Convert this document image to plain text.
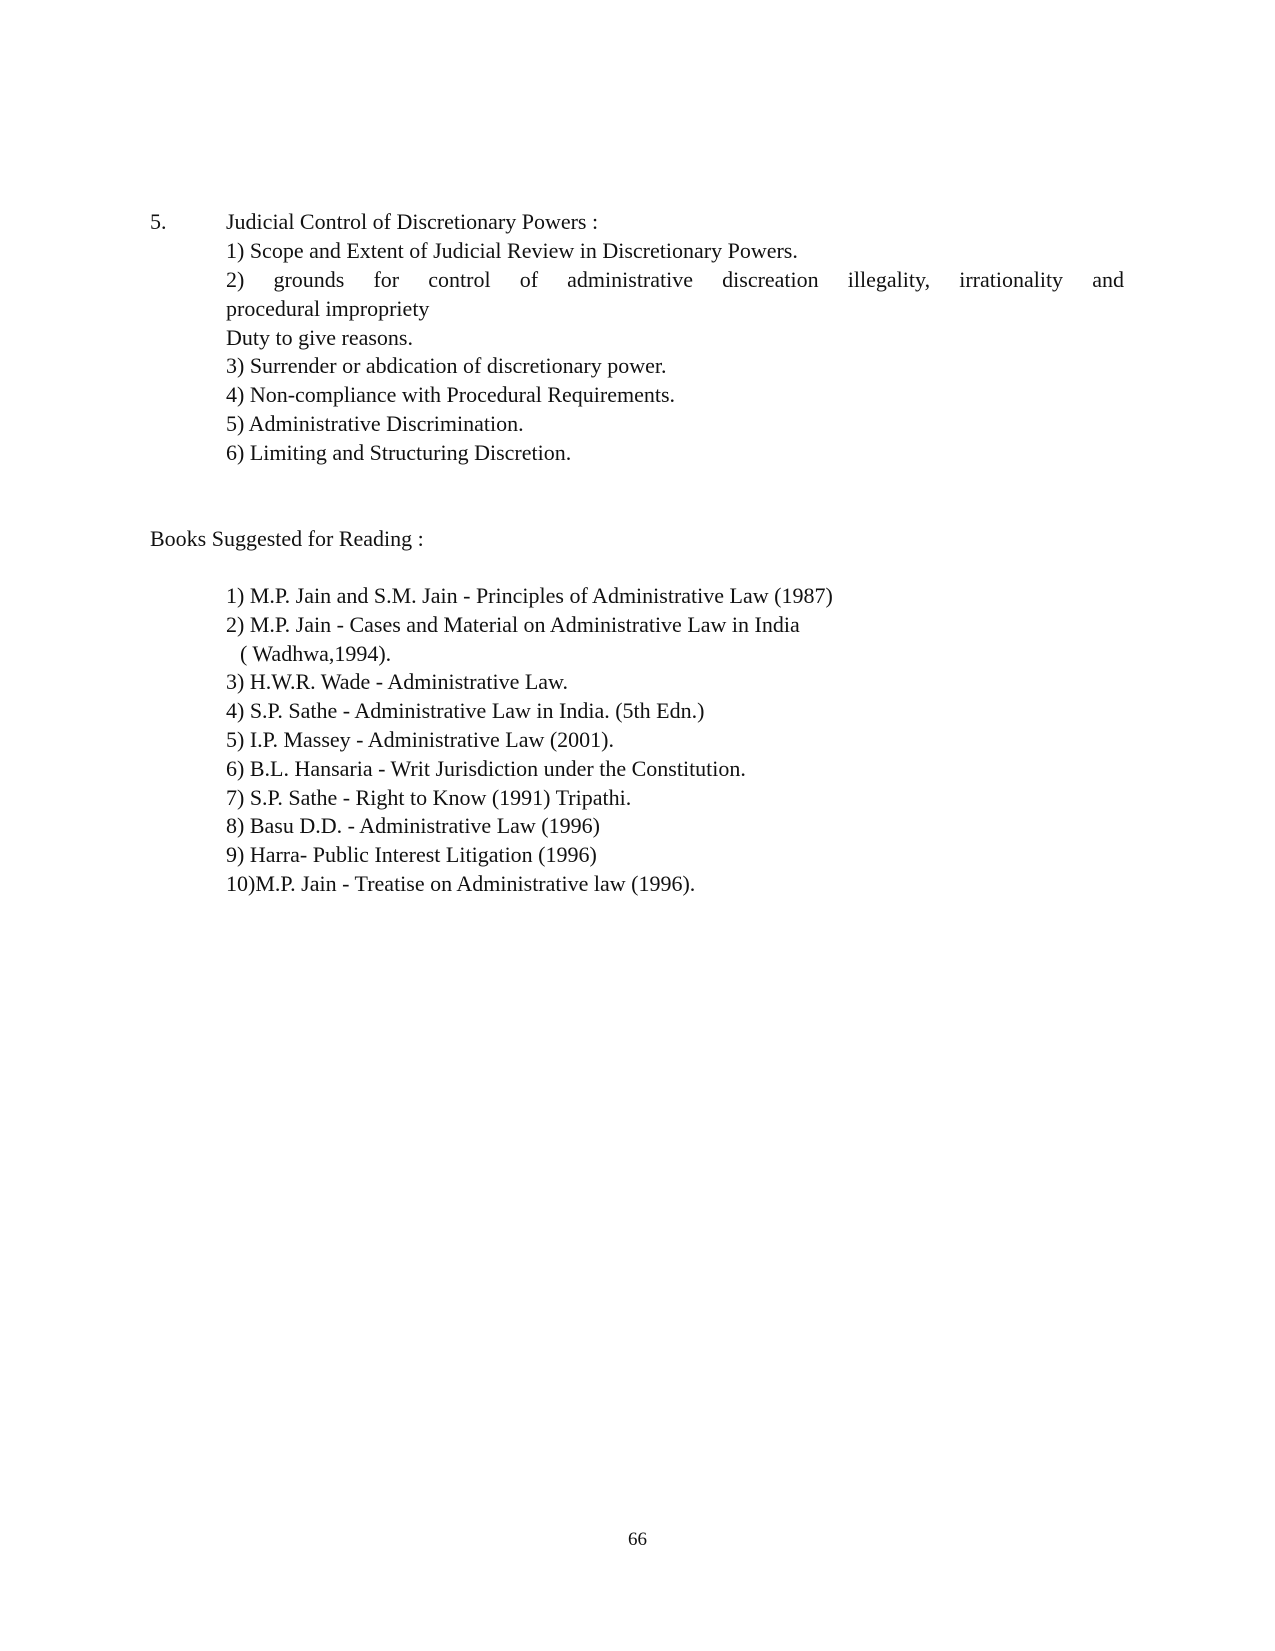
5.	Judicial Control of Discretionary Powers :
1) Scope and Extent of Judicial Review in Discretionary Powers.
2) grounds for control of administrative discreation illegality, irrationality and
procedural impropriety
Duty to give reasons.
3) Surrender or abdication of discretionary power.
4) Non-compliance with Procedural Requirements.
5) Administrative Discrimination.
6) Limiting and Structuring Discretion.
Books Suggested for Reading :
1) M.P. Jain and S.M. Jain - Principles of Administrative Law (1987)
2) M.P. Jain - Cases and Material on Administrative Law in India
( Wadhwa,1994).
3) H.W.R. Wade - Administrative Law.
4) S.P. Sathe - Administrative Law in India. (5th Edn.)
5) I.P. Massey - Administrative Law (2001).
6) B.L. Hansaria - Writ Jurisdiction under the Constitution.
7) S.P. Sathe - Right to Know (1991) Tripathi.
8) Basu D.D. - Administrative Law (1996)
9) Harra- Public Interest Litigation (1996)
10)M.P. Jain - Treatise on Administrative law (1996).
66
